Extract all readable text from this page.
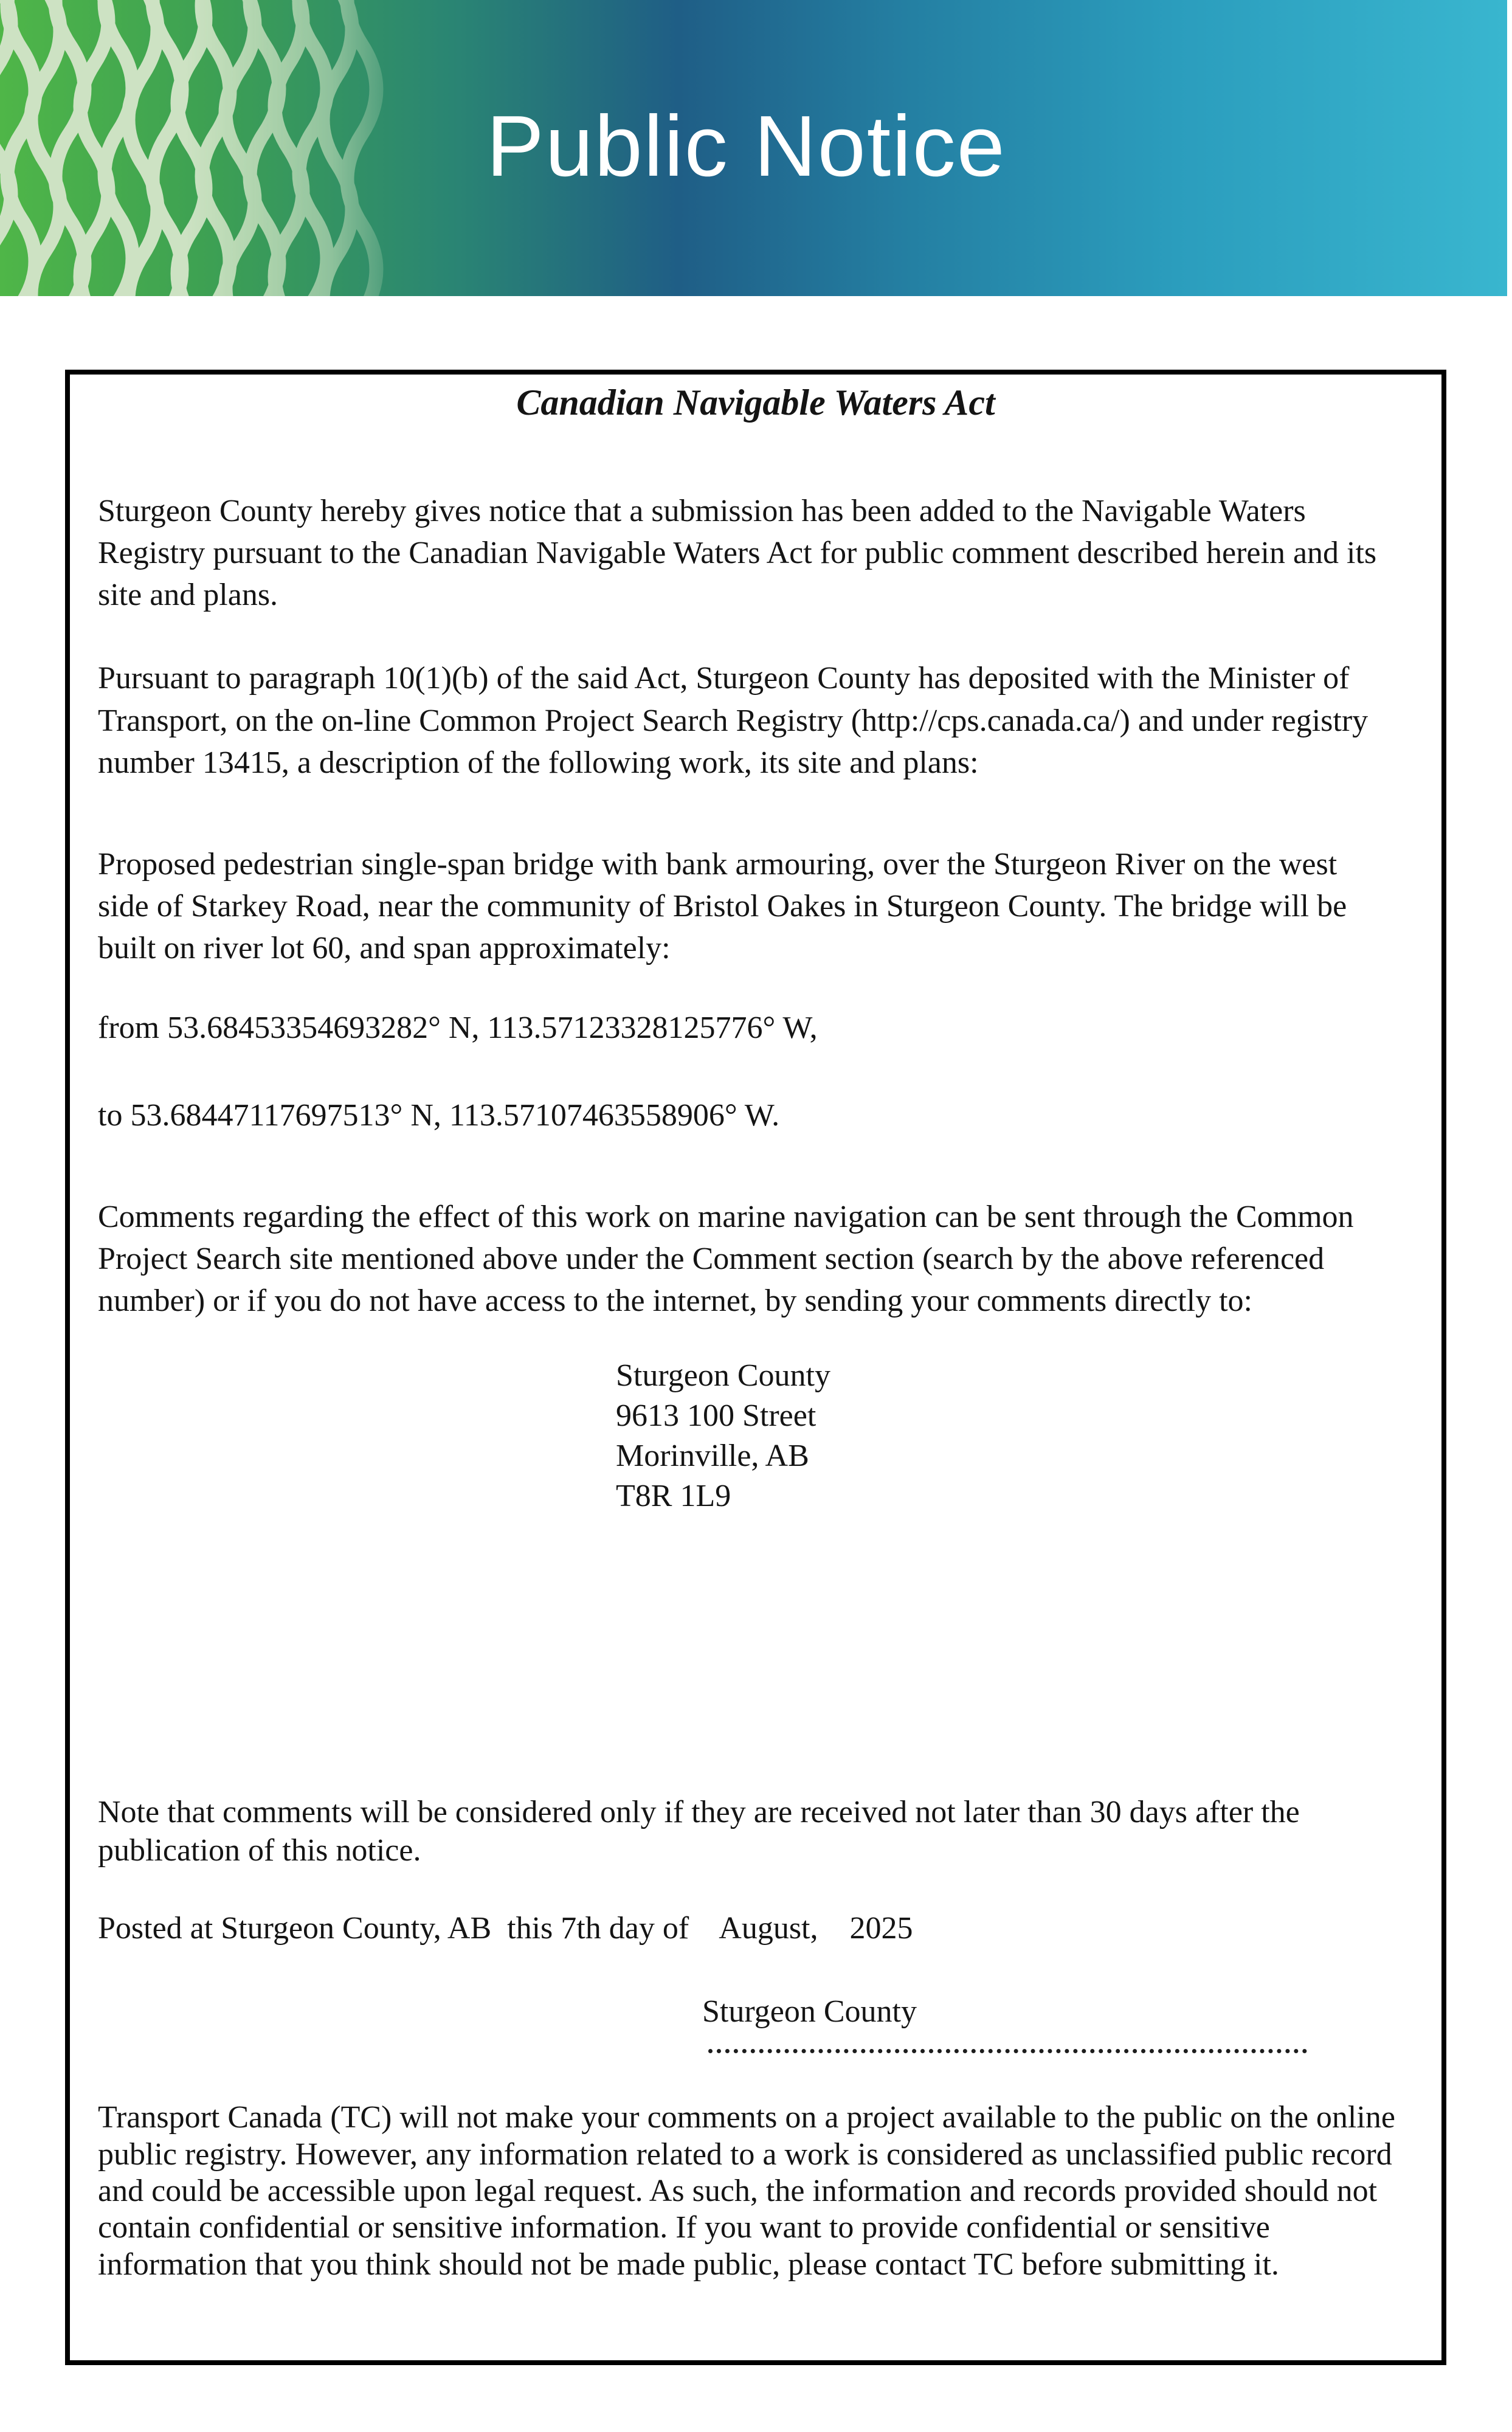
Public Notice
Canadian Navigable Waters Act

Sturgeon County hereby gives notice that a submission has been added to the Navigable Waters Registry pursuant to the Canadian Navigable Waters Act for public comment described herein and its site and plans.

Pursuant to paragraph 10(1)(b) of the said Act, Sturgeon County has deposited with the Minister of Transport, on the on-line Common Project Search Registry (http://cps.canada.ca/) and under registry number 13415, a description of the following work, its site and plans:

Proposed pedestrian single-span bridge with bank armouring, over the Sturgeon River on the west side of Starkey Road, near the community of Bristol Oakes in Sturgeon County. The bridge will be built on river lot 60, and span approximately:

from 53.68453354693282° N, 113.57123328125776° W,

to 53.68447117697513° N, 113.57107463558906° W.

Comments regarding the effect of this work on marine navigation can be sent through the Common Project Search site mentioned above under the Comment section (search by the above referenced number) or if you do not have access to the internet, by sending your comments directly to:

Sturgeon County

9613 100 Street

Morinville, AB

T8R 1L9

Note that comments will be considered only if they are received not later than 30 days after the publication of this notice.

Posted at Sturgeon County, AB  this 7th day of    August,    2025

Sturgeon County

Transport Canada (TC) will not make your comments on a project available to the public on the online public registry. However, any information related to a work is considered as unclassified public record and could be accessible upon legal request. As such, the information and records provided should not contain confidential or sensitive information. If you want to provide confidential or sensitive information that you think should not be made public, please contact TC before submitting it.
